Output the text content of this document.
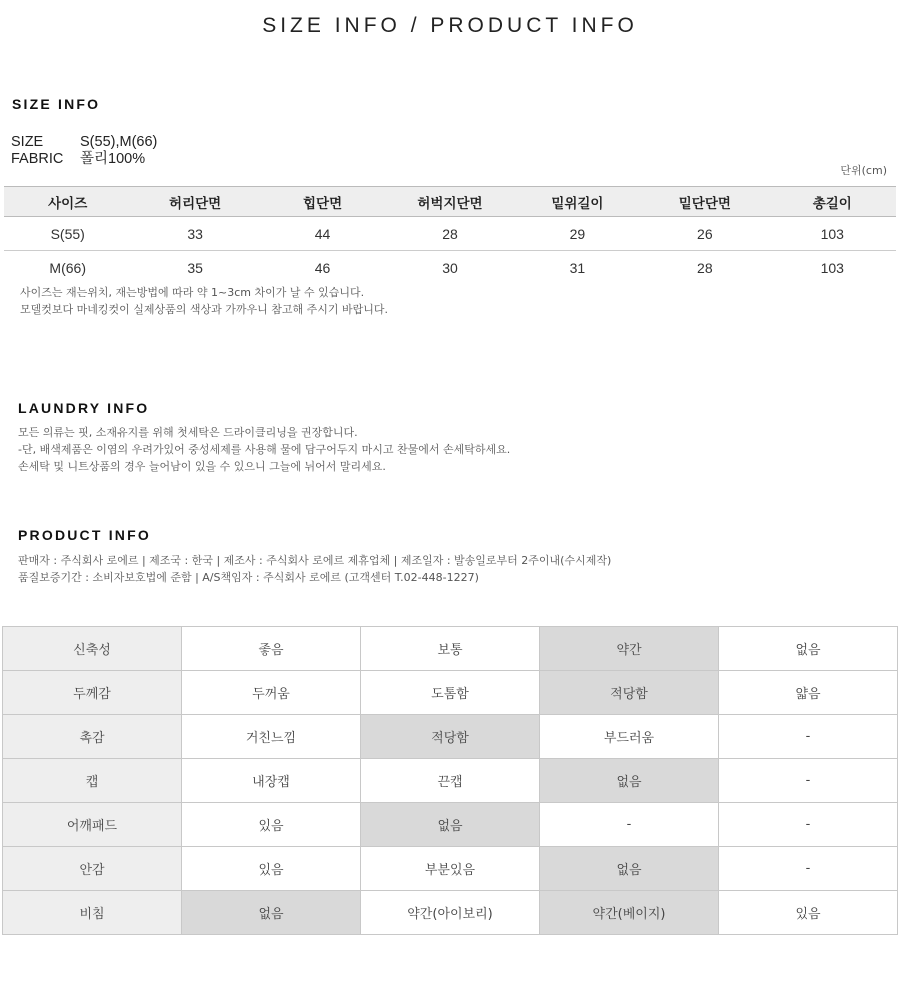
SIZE INFO / PRODUCT INFO
SIZE INFO
SIZE	S(55),M(66)
FABRIC 폴리100%
단위(cm)
사이즈	허리단면	힙단면	허벅지단면	밑위길이	밑단단면	총길이
S(55)	33	44	28	29	26	103
M(66)	35	46	30	31	28	103
사이즈는 재는위치, 재는방법에 따라 약 1~3cm 차이가 날 수 있습니다.
모델컷보다 마네킹컷이 실제상품의 색상과 가까우니 참고해 주시기 바랍니다.
LAUNDRY INFO
모든 의류는 핏, 소재유지를 위해 첫세탁은 드라이클리닝을 권장합니다.
-단, 배색제품은 이염의 우려가있어 중성세제를 사용해 물에 담구어두지 마시고 찬물에서 손세탁하세요.
손세탁 및 니트상품의 경우 늘어남이 있을 수 있으니 그늘에 뉘어서 말리세요.
PRODUCT INFO
판매자 : 주식회사 로에르 | 제조국 : 한국 | 제조사 : 주식회사 로에르 제휴업체 | 제조일자 : 발송일로부터 2주이내(수시제작)
품질보증기간 : 소비자보호법에 준함 | A/S책임자 : 주식회사 로에르 (고객센터 T.02-448-1227)
신축성	좋음	보통	약간	없음
두께감	두꺼움	도톰함	적당함	얇음
촉감	거친느낌	적당함	부드러움	-
캡	내장캡	끈캡	없음	-
어깨패드	있음	없음	-	-
안감	있음	부분있음	없음	-
비침	없음	약간(아이보리)	약간(베이지)	있음
